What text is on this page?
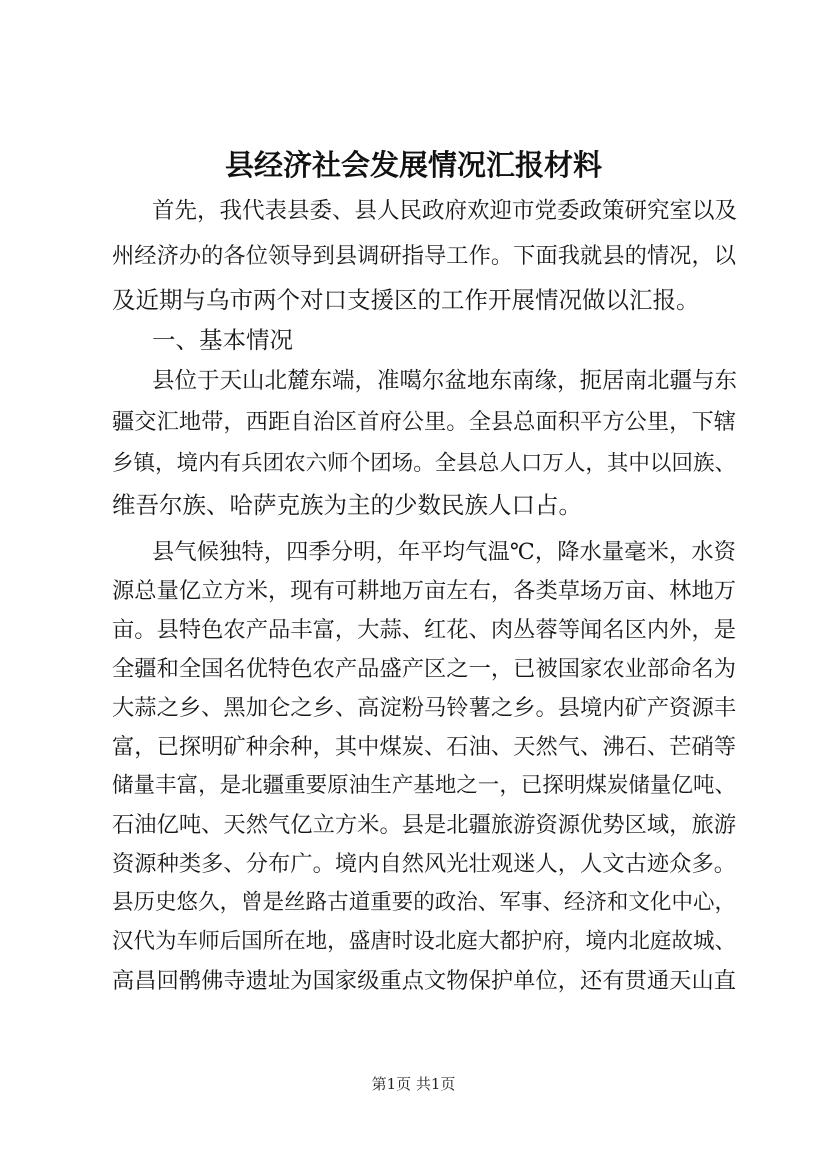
县经济社会发展情况汇报材料
首先，我代表县委、县人民政府欢迎市党委政策研究室以及
州经济办的各位领导到县调研指导工作。下面我就县的情况，以
及近期与乌市两个对口支援区的工作开展情况做以汇报。
一、基本情况
县位于天山北麓东端，准噶尔盆地东南缘，扼居南北疆与东
疆交汇地带，西距自治区首府公里。全县总面积平方公里，下辖
乡镇，境内有兵团农六师个团场。全县总人口万人，其中以回族、
维吾尔族、哈萨克族为主的少数民族人口占。
县气候独特，四季分明，年平均气温℃，降水量毫米，水资
源总量亿立方米，现有可耕地万亩左右，各类草场万亩、林地万
亩。县特色农产品丰富，大蒜、红花、肉丛蓉等闻名区内外，是
全疆和全国名优特色农产品盛产区之一，已被国家农业部命名为
大蒜之乡、黑加仑之乡、高淀粉马铃薯之乡。县境内矿产资源丰
富，已探明矿种余种，其中煤炭、石油、天然气、沸石、芒硝等
储量丰富，是北疆重要原油生产基地之一，已探明煤炭储量亿吨、
石油亿吨、天然气亿立方米。县是北疆旅游资源优势区域，旅游
资源种类多、分布广。境内自然风光壮观迷人，人文古迹众多。
县历史悠久，曾是丝路古道重要的政治、军事、经济和文化中心，
汉代为车师后国所在地，盛唐时设北庭大都护府，境内北庭故城、
高昌回鹘佛寺遗址为国家级重点文物保护单位，还有贯通天山直
第1页 共1页
